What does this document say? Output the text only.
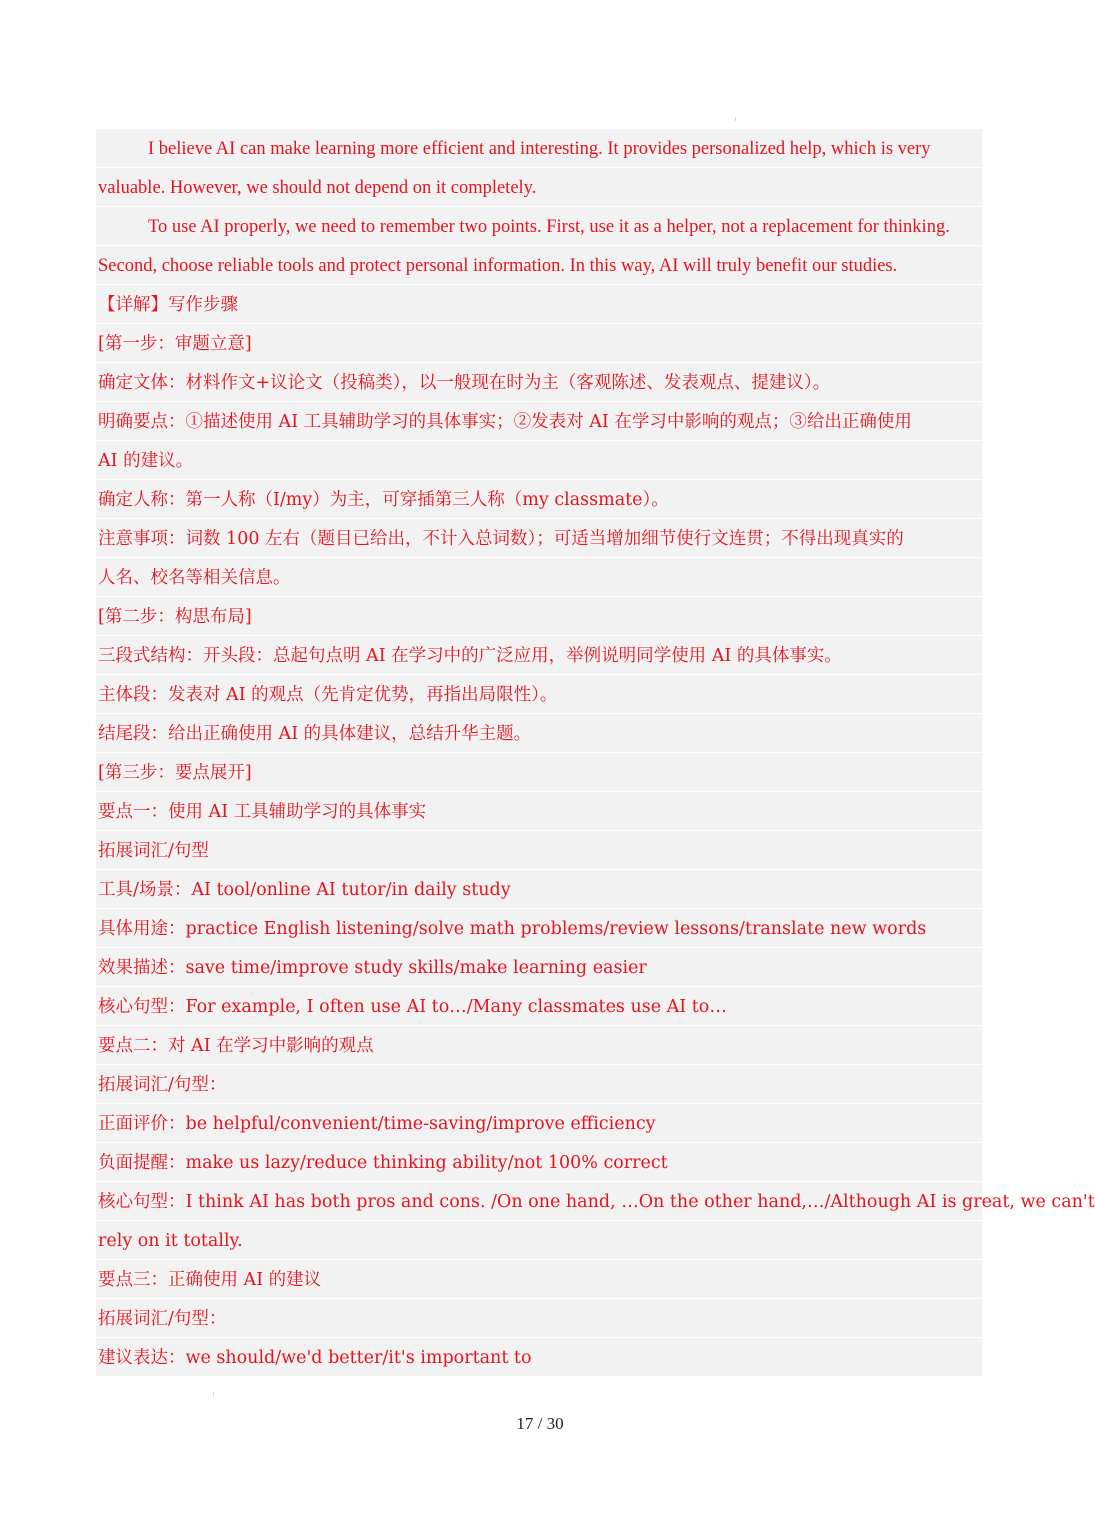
I believe AI can make learning more efficient and interesting. It provides personalized help, which is very
valuable. However, we should not depend on it completely.
To use AI properly, we need to remember two points. First, use it as a helper, not a replacement for thinking.
Second, choose reliable tools and protect personal information. In this way, AI will truly benefit our studies.
【详解】写作步骤
[第一步：审题立意]
确定文体：材料作文+议论文（投稿类），以一般现在时为主（客观陈述、发表观点、提建议）。
明确要点：①描述使用 AI 工具辅助学习的具体事实；②发表对 AI 在学习中影响的观点；③给出正确使用
AI 的建议。
确定人称：第一人称（I/my）为主，可穿插第三人称（my classmate）。
注意事项：词数 100 左右（题目已给出，不计入总词数）；可适当增加细节使行文连贯；不得出现真实的
人名、校名等相关信息。
[第二步：构思布局]
三段式结构：开头段：总起句点明 AI 在学习中的广泛应用，举例说明同学使用 AI 的具体事实。
主体段：发表对 AI 的观点（先肯定优势，再指出局限性）。
结尾段：给出正确使用 AI 的具体建议，总结升华主题。
[第三步：要点展开]
要点一：使用 AI 工具辅助学习的具体事实
拓展词汇/句型
工具/场景：AI tool/online AI tutor/in daily study
具体用途：practice English listening/solve math problems/review lessons/translate new words
效果描述：save time/improve study skills/make learning easier
核心句型：For example, I often use AI to…/Many classmates use AI to…
要点二：对 AI 在学习中影响的观点
拓展词汇/句型：
正面评价：be helpful/convenient/time-saving/improve efficiency
负面提醒：make us lazy/reduce thinking ability/not 100% correct
核心句型：I think AI has both pros and cons. /On one hand, …On the other hand,…/Although AI is great, we can't
rely on it totally.
要点三：正确使用 AI 的建议
拓展词汇/句型：
建议表达：we should/we'd better/it's important to
17 / 30
